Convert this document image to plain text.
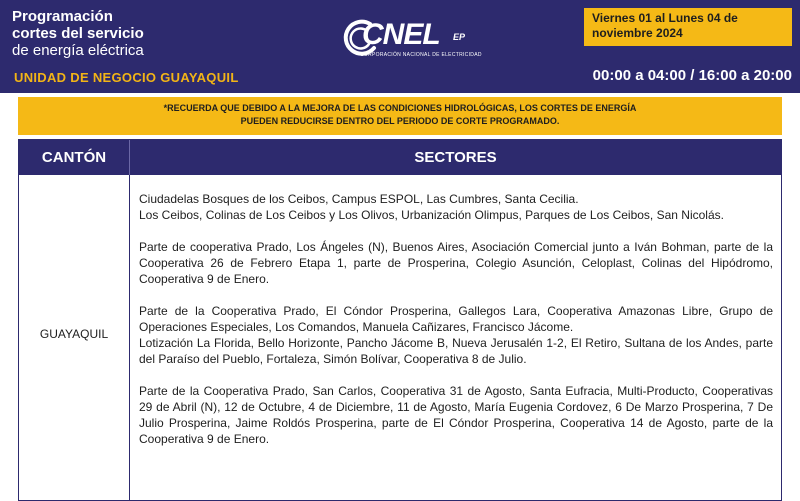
Programación
cortes del servicio
de energía eléctrica
UNIDAD DE NEGOCIO GUAYAQUIL
CNEL EP
CORPORACIÓN NACIONAL DE ELECTRICIDAD
Viernes 01 al Lunes 04 de noviembre 2024
00:00 a 04:00 / 16:00 a 20:00
*RECUERDA QUE DEBIDO A LA MEJORA DE LAS CONDICIONES HIDROLÓGICAS, LOS CORTES DE ENERGÍA
PUEDEN REDUCIRSE DENTRO DEL PERIODO DE CORTE PROGRAMADO.
CANTÓN	SECTORES
GUAYAQUIL
Ciudadelas Bosques de los Ceibos, Campus ESPOL, Las Cumbres, Santa Cecilia.
Los Ceibos, Colinas de Los Ceibos y Los Olivos, Urbanización Olimpus, Parques de Los Ceibos, San Nicolás.
Parte de cooperativa Prado, Los Ángeles (N), Buenos Aires, Asociación Comercial junto a Iván Bohman, parte de la Cooperativa 26 de Febrero Etapa 1, parte de Prosperina, Colegio Asunción, Celoplast, Colinas del Hipódromo, Cooperativa 9 de Enero.
Parte de la Cooperativa Prado, El Cóndor Prosperina, Gallegos Lara, Cooperativa Amazonas Libre, Grupo de Operaciones Especiales, Los Comandos, Manuela Cañizares, Francisco Jácome.
Lotización La Florida, Bello Horizonte, Pancho Jácome B, Nueva Jerusalén 1-2, El Retiro, Sultana de los Andes, parte del Paraíso del Pueblo, Fortaleza, Simón Bolívar, Cooperativa 8 de Julio.
Parte de la Cooperativa Prado, San Carlos, Cooperativa 31 de Agosto, Santa Eufracia, Multi-Producto, Cooperativas 29 de Abril (N), 12 de Octubre, 4 de Diciembre, 11 de Agosto, María Eugenia Cordovez, 6 De Marzo Prosperina, 7 De Julio Prosperina, Jaime Roldós Prosperina, parte de El Cóndor Prosperina, Cooperativa 14 de Agosto, parte de la Cooperativa 9 de Enero.
